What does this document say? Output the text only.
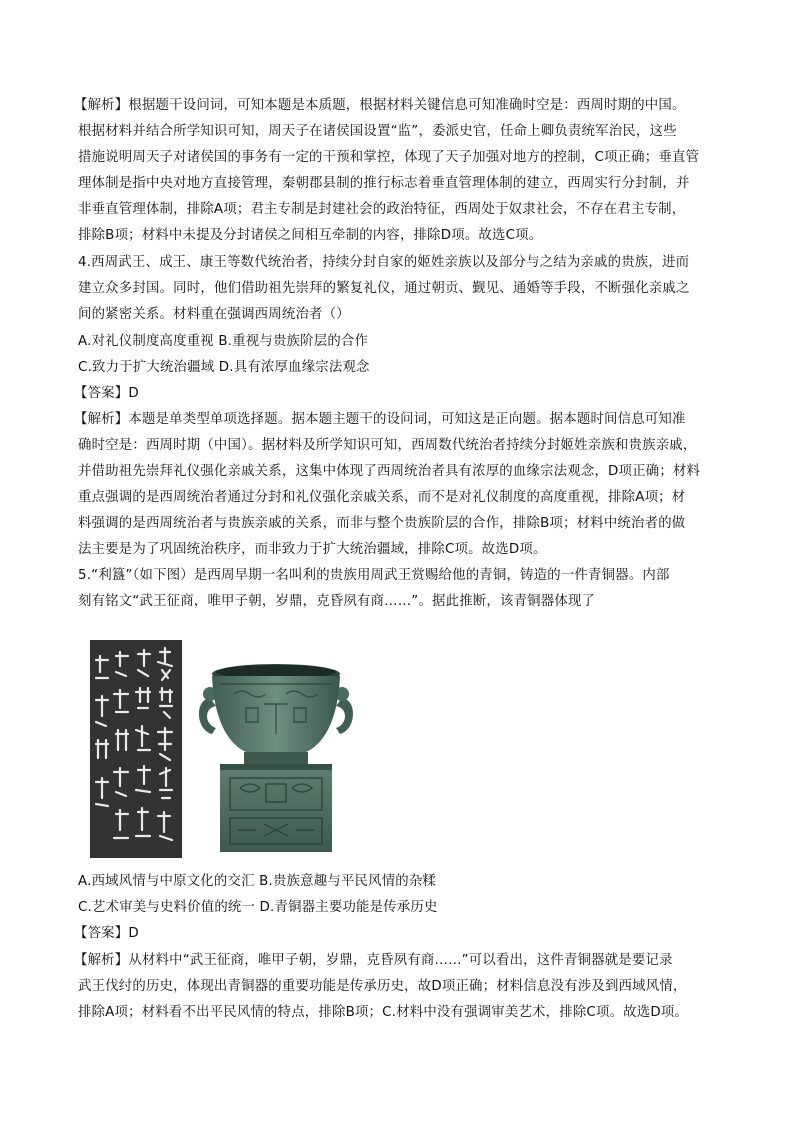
【解析】根据题干设问词，可知本题是本质题，根据材料关键信息可知准确时空是：西周时期的中国。
根据材料并结合所学知识可知，周天子在诸侯国设置“监”，委派史官，任命上卿负责统军治民，这些
措施说明周天子对诸侯国的事务有一定的干预和掌控，体现了天子加强对地方的控制，C项正确；垂直管
理体制是指中央对地方直接管理，秦朝郡县制的推行标志着垂直管理体制的建立，西周实行分封制，并
非垂直管理体制，排除A项；君主专制是封建社会的政治特征，西周处于奴隶社会，不存在君主专制，
排除B项；材料中未提及分封诸侯之间相互牵制的内容，排除D项。故选C项。
4.西周武王、成王、康王等数代统治者，持续分封自家的姬姓亲族以及部分与之结为亲戚的贵族，进而
建立众多封国。同时，他们借助祖先崇拜的繁复礼仪，通过朝贡、觐见、通婚等手段，不断强化亲戚之
间的紧密关系。材料重在强调西周统治者（）
A.对礼仪制度高度重视 B.重视与贵族阶层的合作
C.致力于扩大统治疆域 D.具有浓厚血缘宗法观念
【答案】D
【解析】本题是单类型单项选择题。据本题主题干的设问词，可知这是正向题。据本题时间信息可知准
确时空是：西周时期（中国）。据材料及所学知识可知，西周数代统治者持续分封姬姓亲族和贵族亲戚，
并借助祖先崇拜礼仪强化亲戚关系，这集中体现了西周统治者具有浓厚的血缘宗法观念，D项正确；材料
重点强调的是西周统治者通过分封和礼仪强化亲戚关系，而不是对礼仪制度的高度重视，排除A项；材
料强调的是西周统治者与贵族亲戚的关系，而非与整个贵族阶层的合作，排除B项；材料中统治者的做
法主要是为了巩固统治秩序，而非致力于扩大统治疆域，排除C项。故选D项。
5.“利簋”（如下图）是西周早期一名叫利的贵族用周武王赏赐给他的青铜，铸造的一件青铜器。内部
刻有铭文“武王征商，唯甲子朝，岁鼎，克昏夙有商……”。据此推断，该青铜器体现了
A.西域风情与中原文化的交汇 B.贵族意趣与平民风情的杂糅
C.艺术审美与史料价值的统一 D.青铜器主要功能是传承历史
【答案】D
【解析】从材料中“武王征商，唯甲子朝，岁鼎，克昏夙有商……”可以看出，这件青铜器就是要记录
武王伐纣的历史，体现出青铜器的重要功能是传承历史，故D项正确；材料信息没有涉及到西域风情，
排除A项；材料看不出平民风情的特点，排除B项；C.材料中没有强调审美艺术，排除C项。故选D项。
